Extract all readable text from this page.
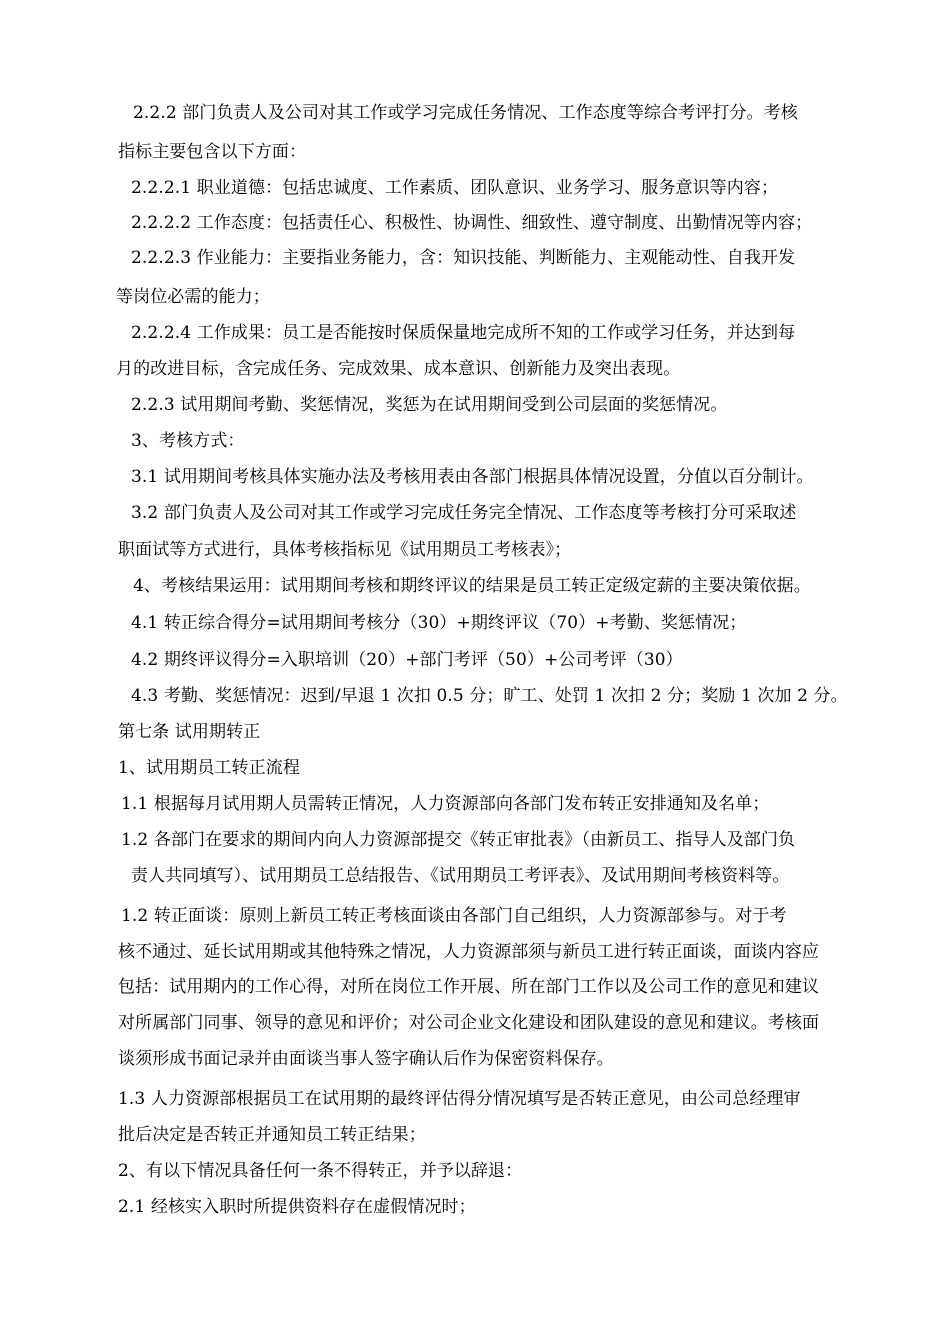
2.2.2 部门负责人及公司对其工作或学习完成任务情况、工作态度等综合考评打分。考核
指标主要包含以下方面：
2.2.2.1 职业道德：包括忠诚度、工作素质、团队意识、业务学习、服务意识等内容；
2.2.2.2 工作态度：包括责任心、积极性、协调性、细致性、遵守制度、出勤情况等内容；
2.2.2.3 作业能力：主要指业务能力，含：知识技能、判断能力、主观能动性、自我开发
等岗位必需的能力；
2.2.2.4 工作成果：员工是否能按时保质保量地完成所不知的工作或学习任务，并达到每
月的改进目标，含完成任务、完成效果、成本意识、创新能力及突出表现。
2.2.3 试用期间考勤、奖惩情况，奖惩为在试用期间受到公司层面的奖惩情况。
3、考核方式：
3.1 试用期间考核具体实施办法及考核用表由各部门根据具体情况设置，分值以百分制计。
3.2 部门负责人及公司对其工作或学习完成任务完全情况、工作态度等考核打分可采取述
职面试等方式进行，具体考核指标见《试用期员工考核表》；
4、考核结果运用：试用期间考核和期终评议的结果是员工转正定级定薪的主要决策依据。
4.1 转正综合得分=试用期间考核分（30）+期终评议（70）+考勤、奖惩情况；
4.2 期终评议得分=入职培训（20）+部门考评（50）+公司考评（30）
4.3 考勤、奖惩情况：迟到/早退 1 次扣 0.5 分；旷工、处罚 1 次扣 2 分；奖励 1 次加 2 分。
第七条 试用期转正
1、试用期员工转正流程
1.1 根据每月试用期人员需转正情况，人力资源部向各部门发布转正安排通知及名单；
1.2 各部门在要求的期间内向人力资源部提交《转正审批表》（由新员工、指导人及部门负
责人共同填写）、试用期员工总结报告、《试用期员工考评表》、及试用期间考核资料等。
1.2 转正面谈：原则上新员工转正考核面谈由各部门自己组织，人力资源部参与。对于考
核不通过、延长试用期或其他特殊之情况，人力资源部须与新员工进行转正面谈，面谈内容应
包括：试用期内的工作心得，对所在岗位工作开展、所在部门工作以及公司工作的意见和建议
对所属部门同事、领导的意见和评价；对公司企业文化建设和团队建设的意见和建议。考核面
谈须形成书面记录并由面谈当事人签字确认后作为保密资料保存。
1.3 人力资源部根据员工在试用期的最终评估得分情况填写是否转正意见，由公司总经理审
批后决定是否转正并通知员工转正结果；
2、有以下情况具备任何一条不得转正，并予以辞退：
2.1 经核实入职时所提供资料存在虚假情况时；
